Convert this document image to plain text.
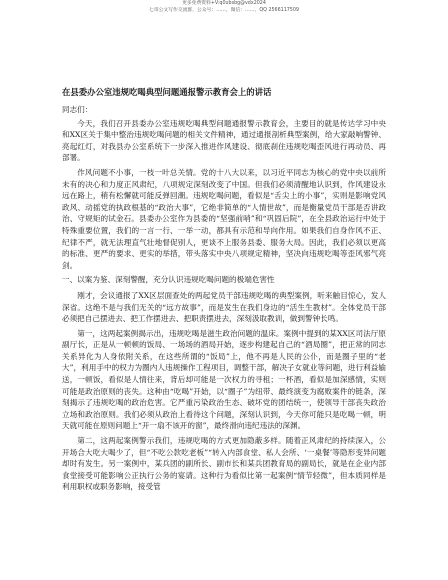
更多免费资料+V:q0ubsbg@vdx2024
七哥公文写作交流群，公众号：……，微信：……，QQ 2566117509
在县委办公室违规吃喝典型问题通报警示教育会上的讲话
同志们：

今天，我们召开县委办公室违规吃喝典型问题通报警示教育会，主要目的就是传达学习中央和XX区关于集中整治违规吃喝问题的相关文件精神，通过通报剖析典型案例，给大家敲响警钟、亮起红灯，对我县办公室系统下一步深入推进作风建设、彻底刹住违规吃喝歪风进行再动员、再部署。

作风问题不小事，一枝一叶总关情。党的十八大以来，以习近平同志为核心的党中央以前所未有的决心和力度正风肃纪，八项规定深刻改变了中国。但我们必须清醒地认识到，作风建设永远在路上，稍有松懈就可能反弹回潮。违规吃喝问题，看似是“舌尖上的小事”，实则是影响党风政风、动摇党的执政根基的“政治大事”，它绝非简单的“人情世故”，而是衡量党员干部是否讲政治、守规矩的试金石。县委办公室作为县委的“坚强前哨”和“巩固后院”，在全县政治运行中处于特殊重要位置，我们的一言一行、一举一动，都具有示范和导向作用。如果我们自身作风不正、纪律不严，就无法理直气壮地督促别人，更谈不上服务县委、服务大局。因此，我们必须以更高的标准、更严的要求、更实的举措，带头落实中央八项规定精神，坚决向违规吃喝等歪风邪气亮剑。

一、以案为鉴、深刻警醒，充分认识违规吃喝问题的极端危害性

刚才，会议通报了XX区层面查处的两起党员干部违规吃喝的典型案例，听来触目惊心，发人深省。这绝不是与我们无关的“远方故事”，而是发生在我们身边的“活生生教材”。全体党员干部必须把自己摆进去、把工作摆进去、把职责摆进去，深刻汲取教训，做到警钟长鸣。

第一，这两起案例揭示出，违规吃喝是滋生政治问题的温床。案例中提到的某XX区司法厅原副厅长，正是从一顿顿的饭局、一场场的酒局开始，逐步构建起自己的“酒局圈”，把正常的同志关系异化为人身依附关系，在这些所谓的“饭局”上，他不再是人民的公仆，而是圈子里的“老大”，利用手中的权力为圈内人违规操作工程项目，调整干部，解决子女就业等问题，进行利益输送，一顿饭，看似是人情往来，背后却可能是一次权力的寻租；一杯酒，看似是加深感情，实则可能是政治原则的丧失。这种由“吃喝”开始，以“圈子”为纽带、最终演变为腐败案件的链条，深刻揭示了违规吃喝的政治危害。它严重污染政治生态、破坏党的团结统一，使领导干部丧失政治立场和政治原则。我们必须从政治上看待这个问题，深刻认识到，今天你可能只是吃喝一顿，明天就可能在原则问题上“开一扇不该开的窗”，最终滑向违纪违法的深渊。

第二，这两起案例警示我们，违规吃喝的方式更加隐蔽多样。随着正风肃纪的持续深入，公开场合大吃大喝少了，但“不吃公款吃老板”“转入内部食堂、私人会所、‘一桌餐’等隐形变异问题却时有发生。另一案例中，某兵团的副所长、副市长和某兵团教育局的副局长，就是在企业内部食堂接受可能影响公正执行公务的宴请。这种行为看似比第一起案例“情节轻微”，但本质同样是利用职权或职务影响，接受管
